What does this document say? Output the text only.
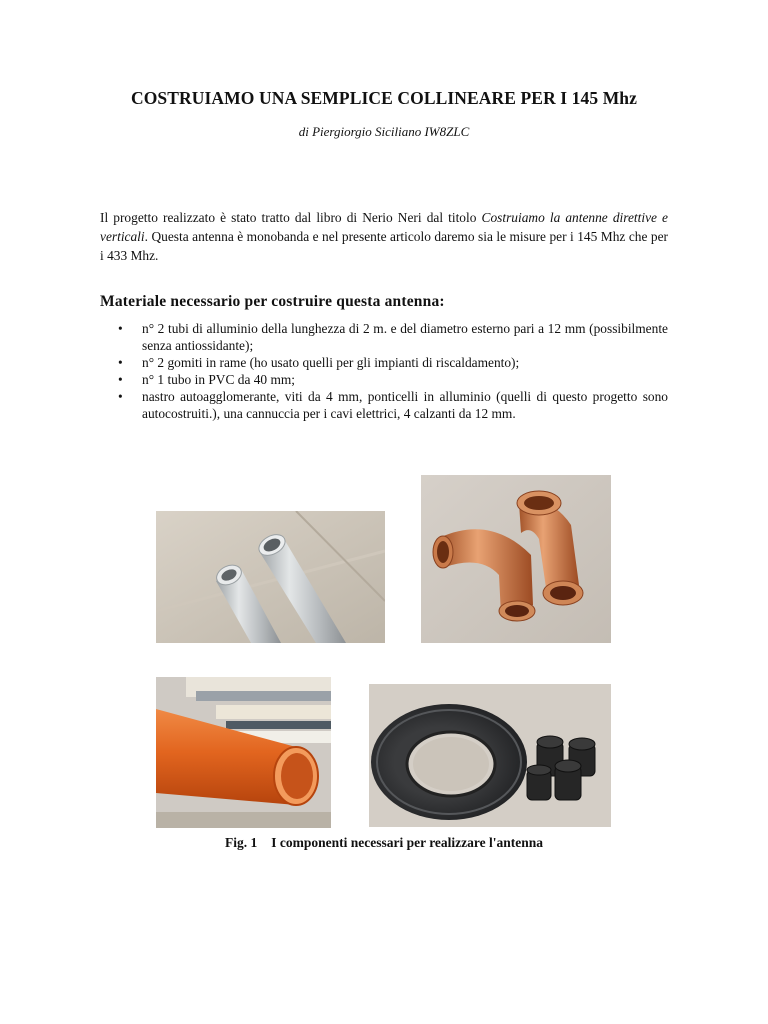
COSTRUIAMO UNA SEMPLICE COLLINEARE PER I 145 Mhz
di Piergiorgio Siciliano IW8ZLC
Il progetto realizzato è stato tratto dal libro di Nerio Neri dal titolo Costruiamo la antenne direttive e verticali. Questa antenna è monobanda e nel presente articolo daremo sia le misure per i 145 Mhz che per i 433 Mhz.
Materiale necessario per costruire questa antenna:
• n° 2 tubi di alluminio della lunghezza di 2 m. e del diametro esterno pari a 12 mm (possibilmente senza antiossidante);
• n° 2 gomiti in rame (ho usato quelli per gli impianti di riscaldamento);
• n° 1 tubo in PVC da 40 mm;
• nastro autoagglomerante, viti da 4 mm, ponticelli in alluminio (quelli di questo progetto sono autocostruiti.), una cannuccia per i cavi elettrici, 4 calzanti da 12 mm.
Fig. 1 I componenti necessari per realizzare l'antenna
